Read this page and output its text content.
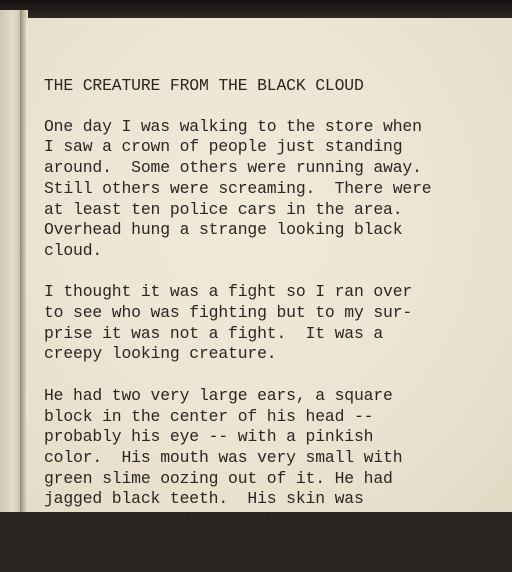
THE CREATURE FROM THE BLACK CLOUD
One day I was walking to the store when
I saw a crown of people just standing
around.  Some others were running away.
Still others were screaming.  There were
at least ten police cars in the area.
Overhead hung a strange looking black
cloud.
I thought it was a fight so I ran over
to see who was fighting but to my sur-
prise it was not a fight.  It was a
creepy looking creature.
He had two very large ears, a square
block in the center of his head --
probably his eye -- with a pinkish
color.  His mouth was very small with
green slime oozing out of it. He had
jagged black teeth.  His skin was
green, pink, black, and reddish.  He
was wearing a pair of purple hotpants
